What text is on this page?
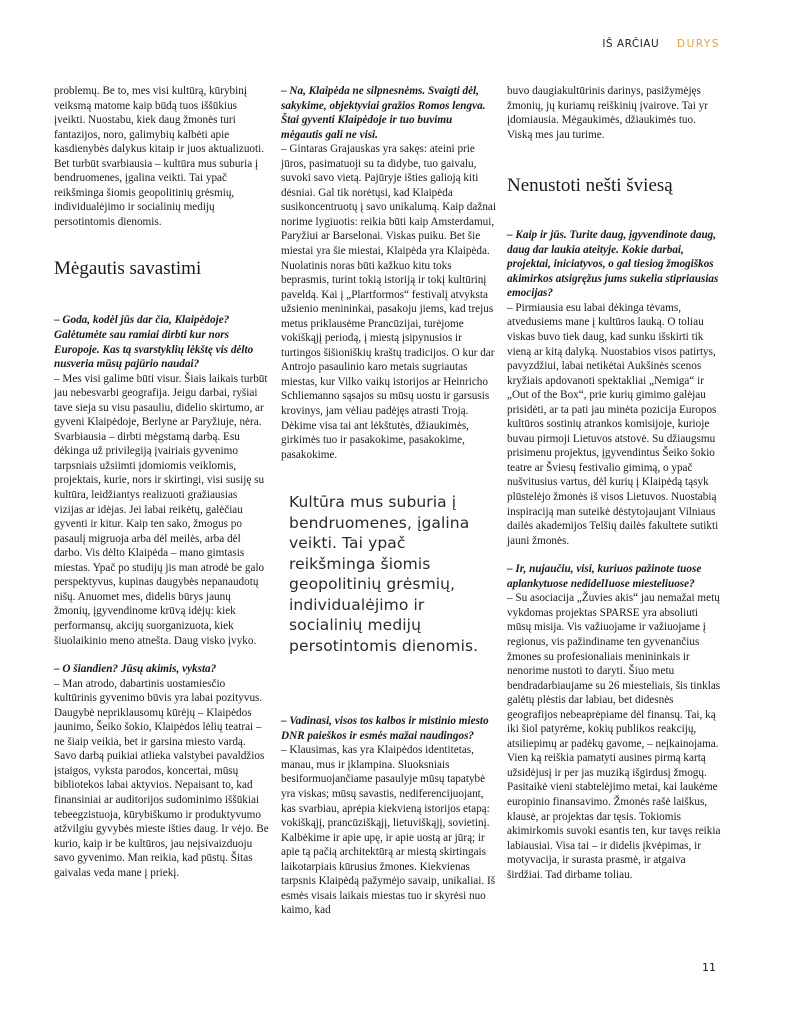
IŠ ARČIAU DURYS

problemų. Be to, mes visi kultūrą, kūrybinį veiksmą matome kaip būdą tuos iššūkius įveikti. Nuostabu, kiek daug žmonės turi fantazijos, noro, galimybių kalbėti apie kasdienybės dalykus kitaip ir juos aktualizuoti. Bet turbūt svarbiausia – kultūra mus suburia į bendruomenes, įgalina veikti. Tai ypač reikšminga šiomis geopolitinių grėsmių, individualėjimo ir socialinių medijų persotintomis dienomis.

Mėgautis savastimi

– Goda, kodėl jūs dar čia, Klaipėdoje? Galėtumėte sau ramiai dirbti kur nors Europoje. Kas tą svarstyklių lėkštę vis dėlto nusveria mūsų pajūrio naudai?

– Mes visi galime būti visur. Šiais laikais turbūt jau nebesvarbi geografija. Jeigu darbai, ryšiai tave sieja su visu pasauliu, didelio skirtumo, ar gyveni Klaipėdoje, Berlyne ar Paryžiuje, nėra. Svarbiausia – dirbti mėgstamą darbą. Esu dėkinga už privilegiją įvairiais gyvenimo tarpsniais užsiimti įdomiomis veiklomis, projektais, kurie, nors ir skirtingi, visi susiję su kultūra, leidžiantys realizuoti gražiausias vizijas ar idėjas. Jei labai reikėtų, galėčiau gyventi ir kitur. Kaip ten sako, žmogus po pasaulį migruoja arba dėl meilės, arba dėl darbo. Vis dėlto Klaipėda – mano gimtasis miestas. Ypač po studijų jis man atrodė be galo perspektyvus, kupinas daugybės nepanaudotų nišų. Anuomet mes, didelis būrys jaunų žmonių, įgyvendinome krūvą idėjų: kiek performansų, akcijų suorganizuota, kiek šiuolaikinio meno atnešta. Daug visko įvyko.

– O šiandien? Jūsų akimis, vyksta?

– Man atrodo, dabartinis uostamiesčio kultūrinis gyvenimo būvis yra labai pozityvus. Daugybė nepriklausomų kūrėjų – Klaipėdos jaunimo, Šeiko šokio, Klaipėdos lėlių teatrai – ne šiaip veikia, bet ir garsina miesto vardą. Savo darbą puikiai atlieka valstybei pavaldžios įstaigos, vyksta parodos, koncertai, mūsų bibliotekos labai aktyvios. Nepaisant to, kad finansiniai ar auditorijos sudominimo iššūkiai tebeegzistuoja, kūrybiškumo ir produktyvumo atžvilgiu gyvybės mieste išties daug. Ir vėjo. Be kurio, kaip ir be kultūros, jau neįsivaizduoju savo gyvenimo. Man reikia, kad pūstų. Šitas gaivalas veda mane į priekį.

– Na, Klaipėda ne silpnesnėms. Svaigti dėl, sakykime, objektyviai gražios Romos lengva. Štai gyventi Klaipėdoje ir tuo buvimu mėgautis gali ne visi.

– Gintaras Grajauskas yra sakęs: ateini prie jūros, pasimatuoji su ta didybe, tuo gaivalu, suvoki savo vietą. Pajūryje išties galioją kiti dėsniai. Gal tik norėtųsi, kad Klaipėda susikoncentruotų į savo unikalumą. Kaip dažnai norime lygiuotis: reikia būti kaip Amsterdamui, Paryžiui ar Barselonai. Viskas puiku. Bet šie miestai yra šie miestai, Klaipėda yra Klaipėda. Nuolatinis noras būti kažkuo kitu toks beprasmis, turint tokią istoriją ir tokį kultūrinį paveldą. Kai į „Plartformos“ festivalį atvyksta užsienio menininkai, pasakoju jiems, kad trejus metus priklausėme Prancūzijai, turėjome vokiškąjį periodą, į miestą įsipynusios ir turtingos šišioniškių kraštų tradicijos. O kur dar Antrojo pasaulinio karo metais sugriautas miestas, kur Vilko vaikų istorijos ar Heinricho Schliemanno sąsajos su mūsų uostu ir garsusis krovinys, jam vėliau padėjęs atrasti Troją. Dėkime visa tai ant lėkštutės, džiaukimės, girkimės tuo ir pasakokime, pasakokime, pasakokime.

Kultūra mus suburia į bendruomenes, įgalina veikti. Tai ypač reikšminga šiomis geopolitinių grėsmių, individualėjimo ir socialinių medijų persotintomis dienomis.

– Vadinasi, visos tos kalbos ir mistinio miesto DNR paieškos ir esmės mažai naudingos?

– Klausimas, kas yra Klaipėdos identitetas, manau, mus ir įklampina. Sluoksniais besiformuojančiame pasaulyje mūsų tapatybė yra viskas; mūsų savastis, nediferencijuojant, kas svarbiau, aprėpia kiekvieną istorijos etapą: vokiškąjį, prancūziškąjį, lietuviškąjį, sovietinį. Kalbėkime ir apie upę, ir apie uostą ar jūrą; ir apie tą pačią architektūrą ar miestą skirtingais laikotarpiais kūrusius žmones. Kiekvienas tarpsnis Klaipėdą pažymėjo savaip, unikaliai. Iš esmės visais laikais miestas tuo ir skyrėsi nuo kaimo, kad

buvo daugiakultūrinis darinys, pasižymėjęs žmonių, jų kuriamų reiškinių įvairove. Tai yr įdomiausia. Mėgaukimės, džiaukimės tuo. Viską mes jau turime.

Nenustoti nešti šviesą

– Kaip ir jūs. Turite daug, įgyvendinote daug, daug dar laukia ateityje. Kokie darbai, projektai, iniciatyvos, o gal tiesiog žmogiškos akimirkos atsigręžus jums sukelia stipriausias emocijas?

– Pirmiausia esu labai dėkinga tėvams, atvedusiems mane į kultūros lauką. O toliau viskas buvo tiek daug, kad sunku išskirti tik vieną ar kitą dalyką. Nuostabios visos patirtys, pavyzdžiui, labai netikėtai Aukšinės scenos kryžiais apdovanoti spektakliai „Nemiga“ ir „Out of the Box“, prie kurių gimimo galėjau prisidėti, ar ta pati jau minėta pozicija Europos kultūros sostinių atrankos komisijoje, kurioje buvau pirmoji Lietuvos atstovė. Su džiaugsmu prisimenu projektus, įgyvendintus Šeiko šokio teatre ar Šviesų festivalio gimimą, o ypač nušvitusius vartus, dėl kurių į Klaipėdą tąsyk plūstelėjo žmonės iš visos Lietuvos. Nuostabią inspiraciją man suteikė dėstytojaujant Vilniaus dailės akademijos Telšių dailės fakultete sutikti jauni žmonės.

– Ir, nujaučiu, visi, kuriuos pažinote tuose aplankytuose nedidelIuose miesteliuose?

– Su asociacija „Žuvies akis“ jau nemažai metų vykdomas projektas SPARSE yra absoliuti mūsų misija. Vis važiuojame ir važiuojame į regionus, vis pažindiname ten gyvenančius žmones su profesionaliais menininkais ir nenorime nustoti to daryti. Šiuo metu bendradarbiaujame su 26 miesteliais, šis tinklas galėtų plėstis dar labiau, bet didesnės geografijos nebeaprėpiame dėl finansų. Tai, ką iki šiol patyrėme, kokių publikos reakcijų, atsiliepimų ar padėkų gavome, – neįkainojama. Vien ką reiškia pamatyti ausines pirmą kartą užsidėjusį ir per jas muziką išgirdusį žmogų. Pasitaikė vieni stabtelėjimo metai, kai laukėme europinio finansavimo. Žmonės rašė laiškus, klausė, ar projektas dar tęsis. Tokiomis akimirkomis suvoki esantis ten, kur tavęs reikia labiausiai. Visa tai – ir didelis įkvėpimas, ir motyvacija, ir surasta prasmė, ir atgaiva širdžiai. Tad dirbame toliau.

11
